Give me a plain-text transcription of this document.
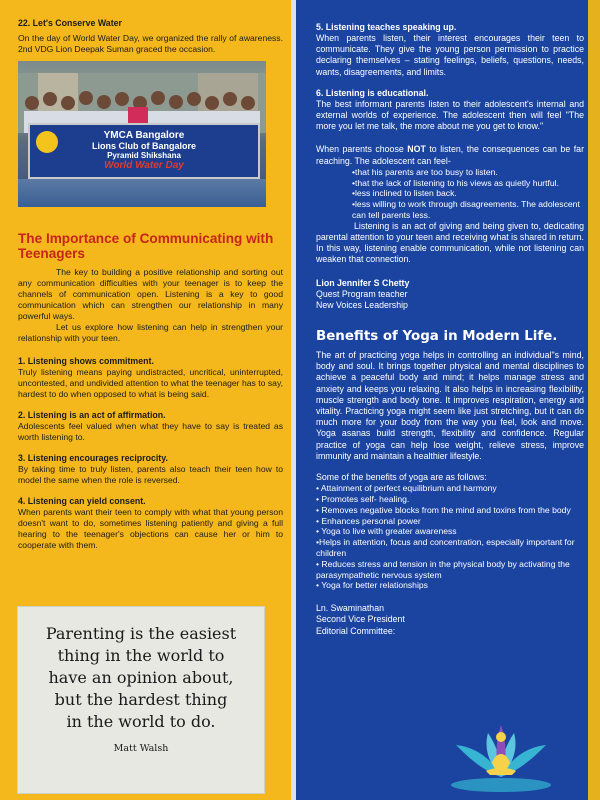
22. Let's Conserve Water
On the day of World Water Day, we organized the rally of awareness. 2nd VDG Lion Deepak Suman graced the occasion.
YMCA Bangalore
Lions Club of Bangalore
Pyramid Shikshana
World Water Day
The Importance of Communicating with Teenagers
The key to building a positive relationship and sorting out any communication difficulties with your teenager is to keep the channels of communication open. Listening is a key to good communication which can strengthen our relationship in many powerful ways.
Let us explore how listening can help in strengthen your relationship with your teen.
1. Listening shows commitment.
Truly listening means paying undistracted, uncritical, uninterrupted, uncontested, and undivided attention to what the teenager has to say, hardest to do when opposed to what is being said.
2. Listening is an act of affirmation.
Adolescents feel valued when what they have to say is treated as worth listening to.
3. Listening encourages reciprocity.
By taking time to truly listen, parents also teach their teen how to model the same when the role is reversed.
4. Listening can yield consent.
When parents want their teen to comply with what that young person doesn't want to do, sometimes listening patiently and giving a full hearing to the teenager's objections can cause her or him to cooperate with them.
Parenting is the easiest
thing in the world to
have an opinion about,
but the hardest thing
in the world to do.
Matt Walsh
5. Listening teaches speaking up.
When parents listen, their interest encourages their teen to communicate. They give the young person permission to practice declaring themselves – stating feelings, beliefs, questions, needs, wants, disagreements, and limits.
6. Listening is educational.
The best informant parents listen to their adolescent's internal and external worlds of experience. The adolescent then will feel "The more you let me talk, the more about me you get to know."
When parents choose NOT to listen, the consequences can be far reaching. The adolescent can feel-
•that his parents are too busy to listen.
•that the lack of listening to his views as quietly hurtful.
•less inclined to listen back.
•less willing to work through disagreements. The adolescent can tell parents less.
Listening is an act of giving and being given to, dedicating parental attention to your teen and receiving what is shared in return. In this way, listening enable communication, while not listening can weaken that connection.
Lion Jennifer S Chetty
Quest Program teacher
New Voices Leadership
Benefits of Yoga in Modern Life.
The art of practicing yoga helps in controlling an individual"s mind, body and soul. It brings together physical and mental disciplines to achieve a peaceful body and mind; it helps manage stress and anxiety and keeps you relaxing. It also helps in increasing flexibility, muscle strength and body tone. It improves respiration, energy and vitality. Practicing yoga might seem like just stretching, but it can do much more for your body from the way you feel, look and move. Yoga asanas build strength, flexibility and confidence. Regular practice of yoga can help lose weight, relieve stress, improve immunity and maintain a healthier lifestyle.
Some of the benefits of yoga are as follows:
• Attainment of perfect equilibrium and harmony
• Promotes self- healing.
• Removes negative blocks from the mind and toxins from the body
• Enhances personal power
• Yoga to live with greater awareness
•Helps in attention, focus and concentration, especially important for children
• Reduces stress and tension in the physical body by activating the parasympathetic nervous system
• Yoga for better relationships
Ln. Swaminathan
Second Vice President
Editorial Committee:
